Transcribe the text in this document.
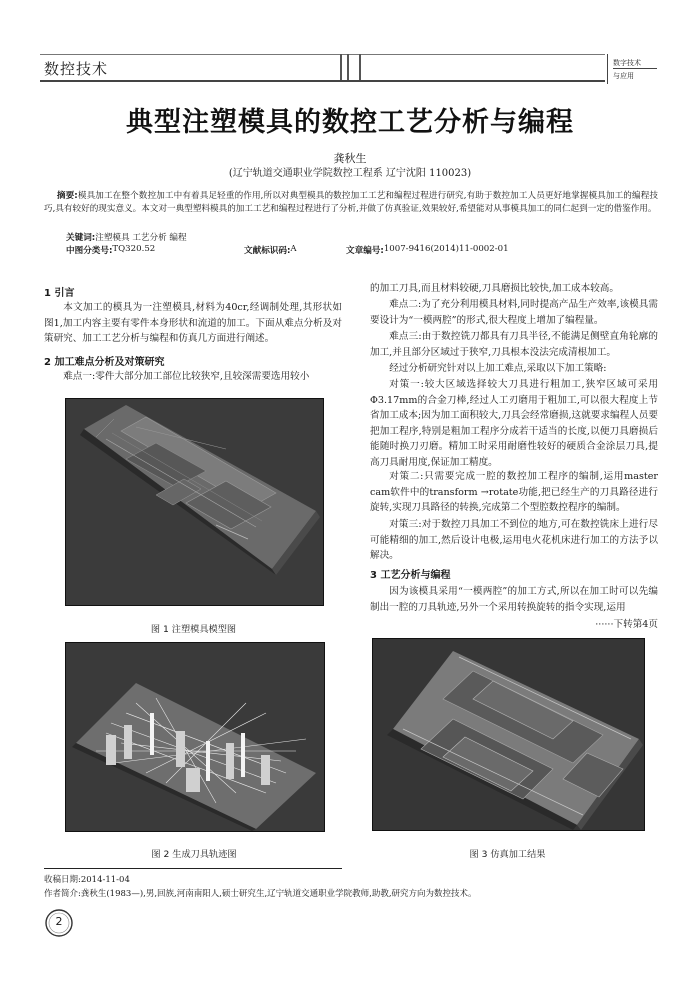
数控技术	数字技术
与应用
典型注塑模具的数控工艺分析与编程
龚秋生
(辽宁轨道交通职业学院数控工程系 辽宁沈阳 110023)
摘要:模具加工在整个数控加工中有着具足轻重的作用,所以对典型模具的数控加工工艺和编程过程进行研究,有助于数控加工人员更好地掌握模具加工的编程技巧,具有较好的现实意义。本文对一典型塑料模具的加工工艺和编程过程进行了分析,并做了仿真验证,效果较好,希望能对从事模具加工的同仁起到一定的借鉴作用。
关键词:注塑模具 工艺分析 编程
中图分类号: TQ320.52	文献标识码: A	文章编号: 1007-9416(2014)11-0002-01
1 引言
本文加工的模具为一注塑模具,材料为40cr,经调制处理,其形状如图1,加工内容主要有零件本身形状和流道的加工。下面从难点分析及对策研究、加工工艺分析与编程和仿真几方面进行阐述。
2 加工难点分析及对策研究
难点一:零件大部分加工部位比较狭窄,且较深需要选用较小
图 1 注塑模具模型图
的加工刀具,而且材料较硬,刀具磨损比较快,加工成本较高。
难点二:为了充分利用模具材料,同时提高产品生产效率,该模具需要设计为“一模两腔”的形式,很大程度上增加了编程量。
难点三:由于数控铣刀都具有刀具半径,不能满足侧壁直角轮廓的加工,并且部分区域过于狭窄,刀具根本没法完成清根加工。
经过分析研究针对以上加工难点,采取以下加工策略:
对策一:较大区域选择较大刀具进行粗加工,狭窄区域可采用Φ3.17mm的合金刀棒,经过人工刃磨用于粗加工,可以很大程度上节省加工成本;因为加工面积较大,刀具会经常磨损,这就要求编程人员要把加工程序,特别是粗加工程序分成若干适当的长度,以便刀具磨损后能随时换刀刃磨。精加工时采用耐磨性较好的硬质合金涂层刀具,提高刀具耐用度,保证加工精度。
对策二:只需要完成一腔的数控加工程序的编制,运用master cam软件中的transform →rotate功能,把已经生产的刀具路径进行旋转,实现刀具路径的转换,完成第二个型腔数控程序的编制。
对策三:对于数控刀具加工不到位的地方,可在数控铣床上进行尽可能精细的加工,然后设计电极,运用电火花机床进行加工的方法予以解决。
3 工艺分析与编程
因为该模具采用“一模两腔”的加工方式,所以在加工时可以先编制出一腔的刀具轨迹,另外一个采用转换旋转的指令实现,运用
······下转第4页
图 2 生成刀具轨迹图	图 3 仿真加工结果
收稿日期:2014-11-04
作者简介:龚秋生(1983—),男,回族,河南南阳人,硕士研究生,辽宁轨道交通职业学院教师,助教,研究方向为数控技术。
2
